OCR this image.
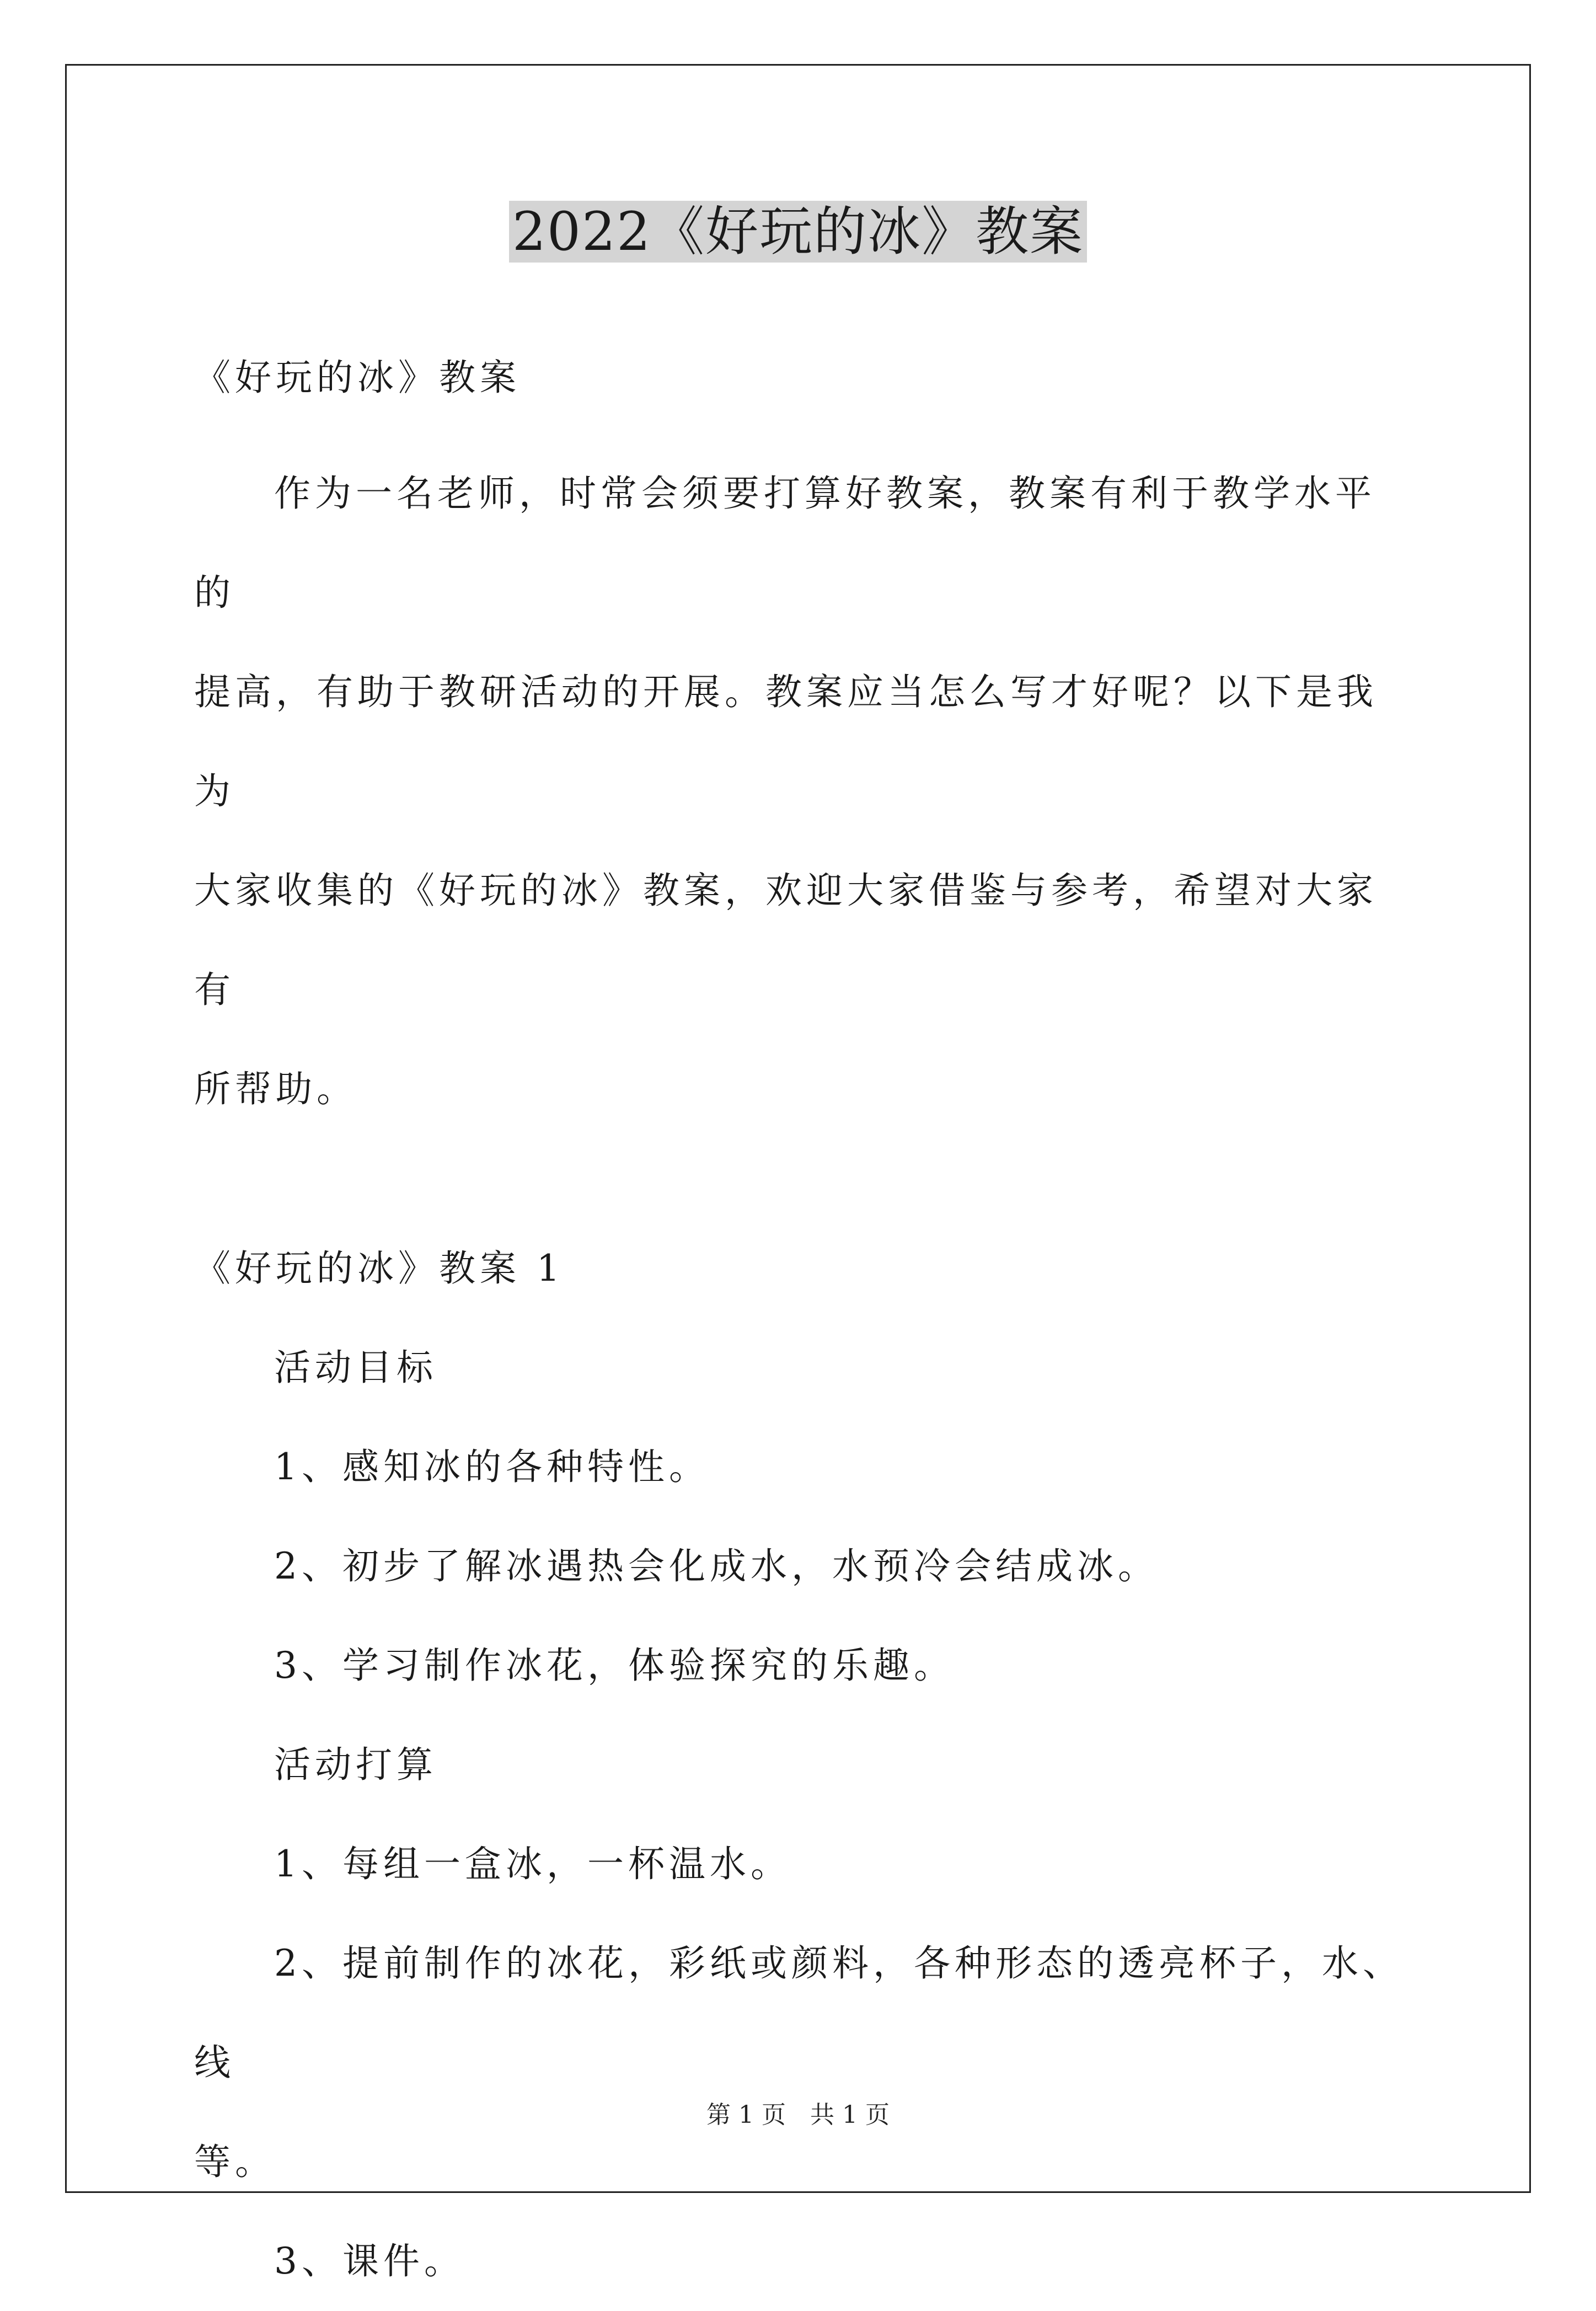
2022《好玩的冰》教案

《好玩的冰》教案

作为一名老师，时常会须要打算好教案，教案有利于教学水平的

提高，有助于教研活动的开展。教案应当怎么写才好呢？以下是我为

大家收集的《好玩的冰》教案，欢迎大家借鉴与参考，希望对大家有

所帮助。

《好玩的冰》教案 1

活动目标

1、感知冰的各种特性。

2、初步了解冰遇热会化成水，水预冷会结成冰。

3、学习制作冰花，体验探究的乐趣。

活动打算

1、每组一盒冰，一杯温水。

2、提前制作的冰花，彩纸或颜料，各种形态的透亮杯子，水、线

等。

3、课件。

第 1 页　共 1 页
